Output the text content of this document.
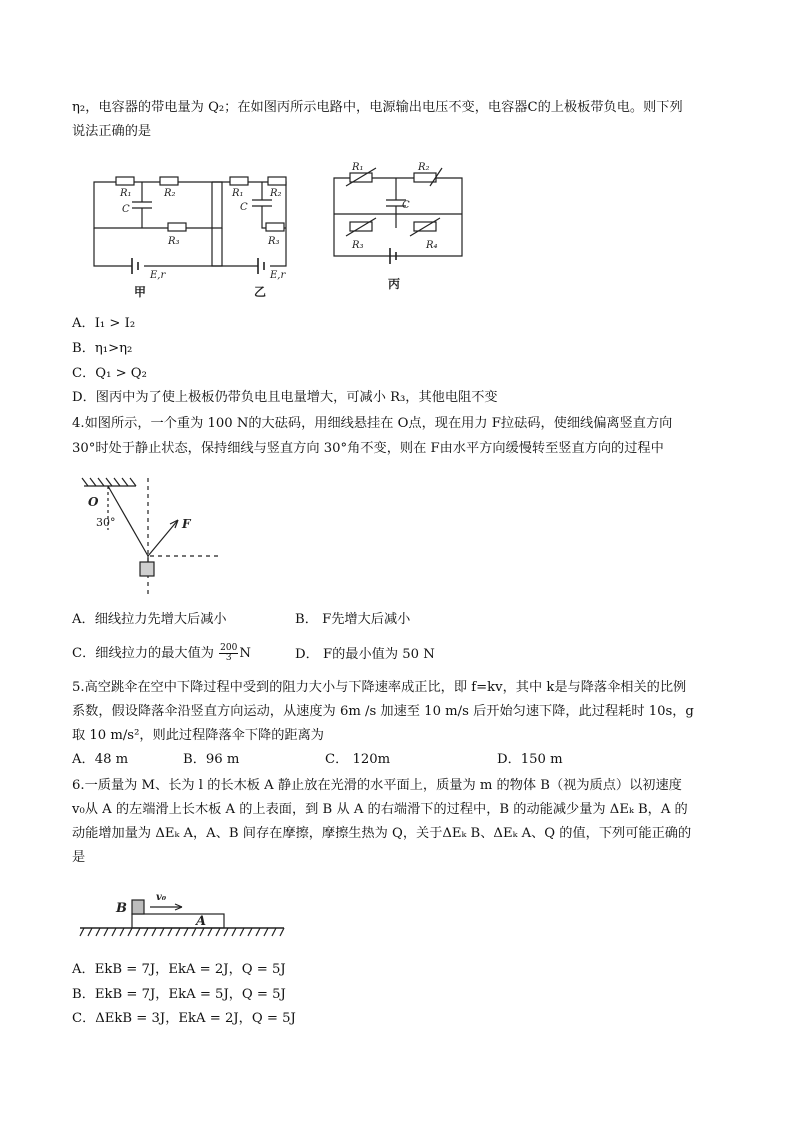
η₂，电容器的带电量为 Q₂；在如图丙所示电路中，电源输出电压不变，电容器C的上极板带负电。则下列
说法正确的是
R₁	R₂
C
R₃
E,r
R₁	R₂
C
R₃
E,r
R₁	R₂
C
R₃	R₄
甲	乙
丙
A．I₁ > I₂
B．η₁>η₂
C．Q₁ > Q₂
D．图丙中为了使上极板仍带负电且电量增大，可减小 R₃，其他电阻不变
4.如图所示，一个重为 100 N的大砝码，用细线悬挂在 O点，现在用力 F拉砝码，使细线偏离竖直方向
30°时处于静止状态，保持细线与竖直方向 30°角不变，则在 F由水平方向缓慢转至竖直方向的过程中
O
F
30°
A．细线拉力先增大后减小	B． F先增大后减小
C．细线拉力的最大值为 $\frac{200}{3}$ N	D． F的最小值为 50 N
5.高空跳伞在空中下降过程中受到的阻力大小与下降速率成正比，即 f=kv，其中 k是与降落伞相关的比例
系数，假设降落伞沿竖直方向运动，从速度为 6m /s 加速至 10 m/s 后开始匀速下降，此过程耗时 10s，g
取 10 m/s²，则此过程降落伞下降的距离为
A．48 m	B．96 m	C． 120m	D．150 m
6.一质量为 M、长为 l 的长木板 A 静止放在光滑的水平面上，质量为 m 的物体 B（视为质点）以初速度
v₀从 A 的左端滑上长木板 A 的上表面，到 B 从 A 的右端滑下的过程中，B 的动能减少量为 ΔEₖ B，A 的
动能增加量为 ΔEₖ A，A、B 间存在摩擦，摩擦生热为 Q，关于ΔEₖ B、ΔEₖ A、Q 的值，下列可能正确的
是
B
A
v₀
A．EkB = 7J，EkA = 2J，Q = 5J
B．EkB = 7J，EkA = 5J，Q = 5J
C．ΔEkB = 3J，EkA = 2J，Q = 5J
